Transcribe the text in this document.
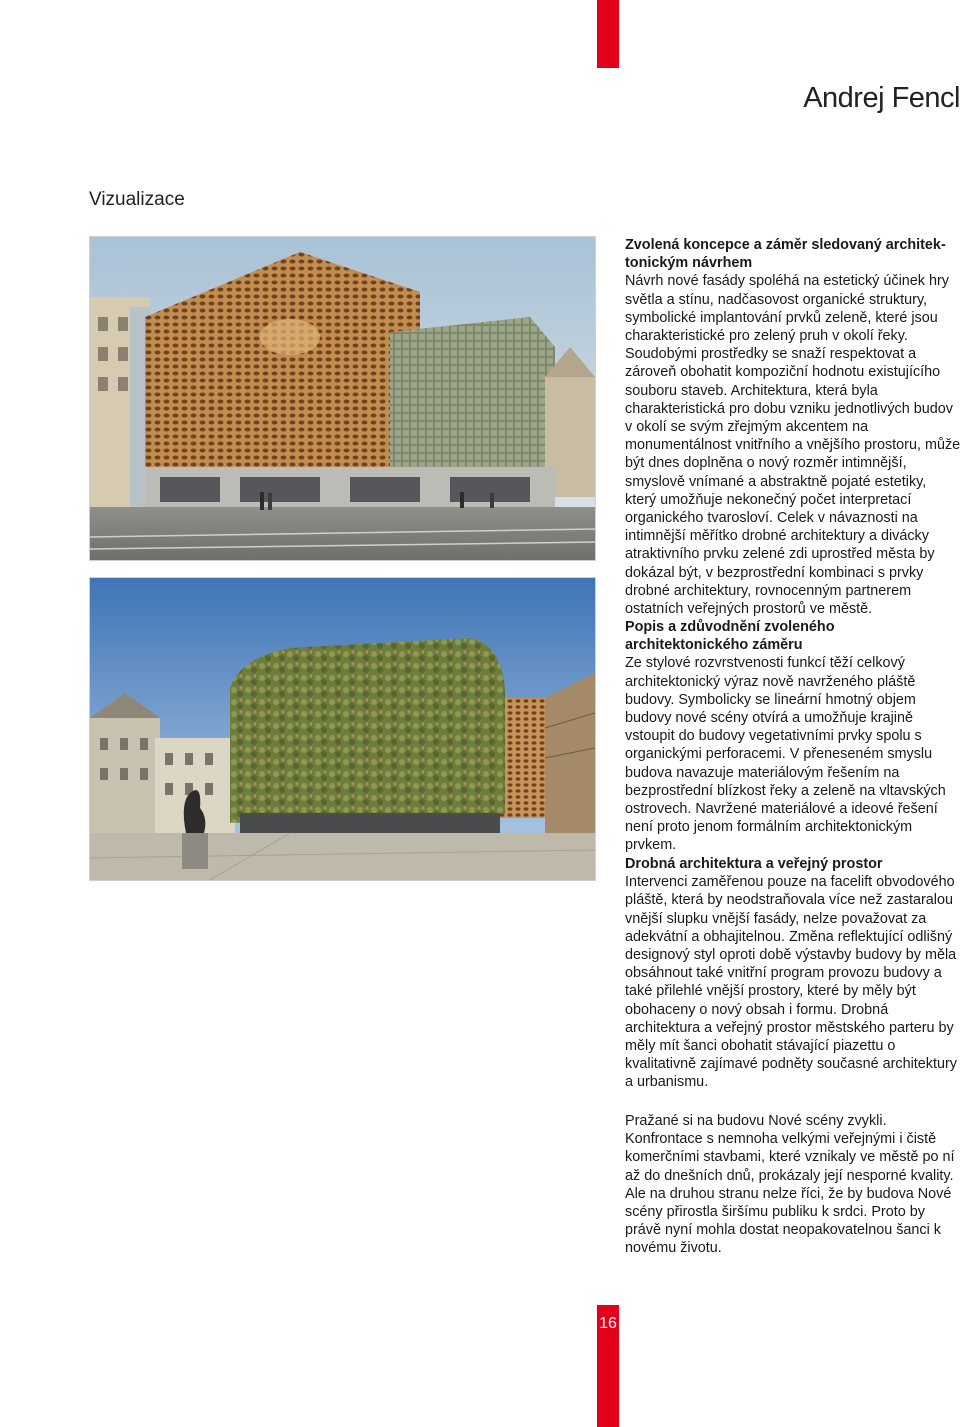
Andrej Fencl
Vizualizace
Zvolená koncepce a záměr sledovaný architek-
tonickým návrhem

Návrh nové fasády spoléhá na estetický účinek hry světla a stínu, nadčasovost organické struktury, symbolické implantování prvků zeleně, které jsou charakteristické pro zelený pruh v okolí řeky. Soudobými prostředky se snaží respektovat a zároveň obohatit kompoziční hodnotu existujícího souboru staveb. Architektura, která byla charakteristická pro dobu vzniku jednotlivých budov v okolí se svým zřejmým akcentem na monumentálnost vnitřního a vnějšího prostoru, může být dnes doplněna o nový rozměr intimnější, smyslově vnímané a abstraktně pojaté estetiky, který umožňuje nekonečný počet interpretací organického tvarosloví. Celek v návaznosti na intimnější měřítko drobné architektury a divácky atraktivního prvku zelené zdi uprostřed města by dokázal být, v bezprostřední kombinaci s prvky drobné architektury, rovnocenným partnerem ostatních veřejných prostorů ve městě.

Popis a zdůvodnění zvoleného architektonického záměru

Ze stylové rozvrstvenosti funkcí těží celkový architektonický výraz nově navrženého pláště budovy. Symbolicky se lineární hmotný objem budovy nové scény otvírá a umožňuje krajině vstoupit do budovy vegetativními prvky spolu s organickými perforacemi. V přeneseném smyslu budova navazuje materiálovým řešením na bezprostřední blízkost řeky a zeleně na vltavských ostrovech. Navržené materiálové a ideové řešení není proto jenom formálním architektonickým prvkem.

Drobná architektura a veřejný prostor

Intervenci zaměřenou pouze na facelift obvodového pláště, která by neodstraňovala více než zastaralou vnější slupku vnější fasády, nelze považovat za adekvátní a obhajitelnou. Změna reflektující odlišný designový styl oproti době výstavby budovy by měla obsáhnout také vnitřní program provozu budovy a také přilehlé vnější prostory, které by měly být obohaceny o nový obsah i formu. Drobná architektura a veřejný prostor městského parteru by měly mít šanci obohatit stávající piazettu o kvalitativně zajímavé podněty současné architektury a urbanismu.

Pražané si na budovu Nové scény zvykli. Konfrontace s nemnoha velkými veřejnými i čistě komerčními stavbami, které vznikaly ve městě po ní až do dnešních dnů, prokázaly její nesporné kvality. Ale na druhou stranu nelze říci, že by budova Nové scény přirostla širšímu publiku k srdci. Proto by právě nyní mohla dostat neopakovatelnou šanci k novému životu.

16
